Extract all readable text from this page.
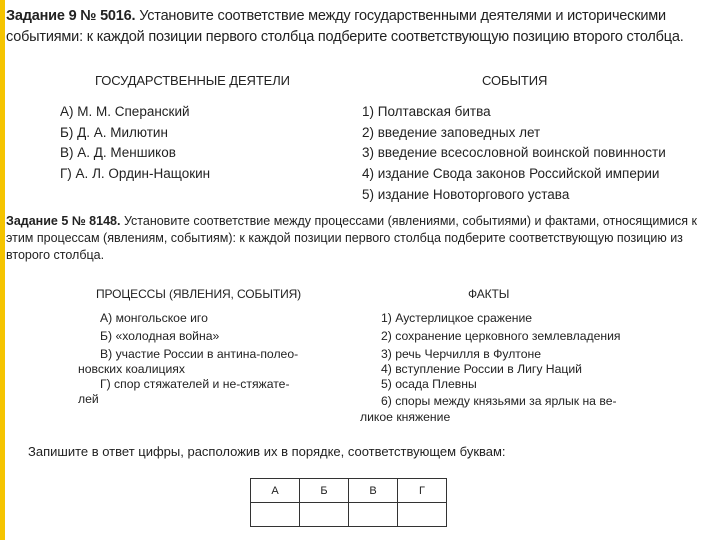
Задание 9 № 5016. Установите соответствие между государственными деятелями и историческими событиями: к каждой позиции первого столбца подберите соответствующую позицию второго столбца.
ГОСУДАРСТВЕННЫЕ ДЕЯТЕЛИ	СОБЫТИЯ
А) М. М. Сперанский
Б) Д. А. Милютин
В) А. Д. Меншиков
Г) А. Л. Ордин-Нащокин
1) Полтавская битва
2) введение заповедных лет
3) введение всесословной воинской повинности
4) издание Свода законов Российской империи
5) издание Новоторгового устава
Задание 5 № 8148. Установите соответствие между процессами (явлениями, событиями) и фактами, относящимися к этим процессам (явлениям, событиям): к каждой позиции первого столбца подберите соответствующую позицию из второго столбца.
ПРОЦЕССЫ (ЯВЛЕНИЯ, СОБЫТИЯ)	ФАКТЫ
А) монгольское иго
Б) «холодная война»
В) участие России в антина-полео-
новских коалициях
Г) спор стяжателей и не-стяжате-
лей
1) Аустерлицкое сражение
2) сохранение церковного землевладения
3) речь Черчилля в Фултоне
4) вступление России в Лигу Наций
5) осада Плевны
6) споры между князьями за ярлык на ве-
ликое княжение
Запишите в ответ цифры, расположив их в порядке, соответствующем буквам:
А	Б	В	Г
